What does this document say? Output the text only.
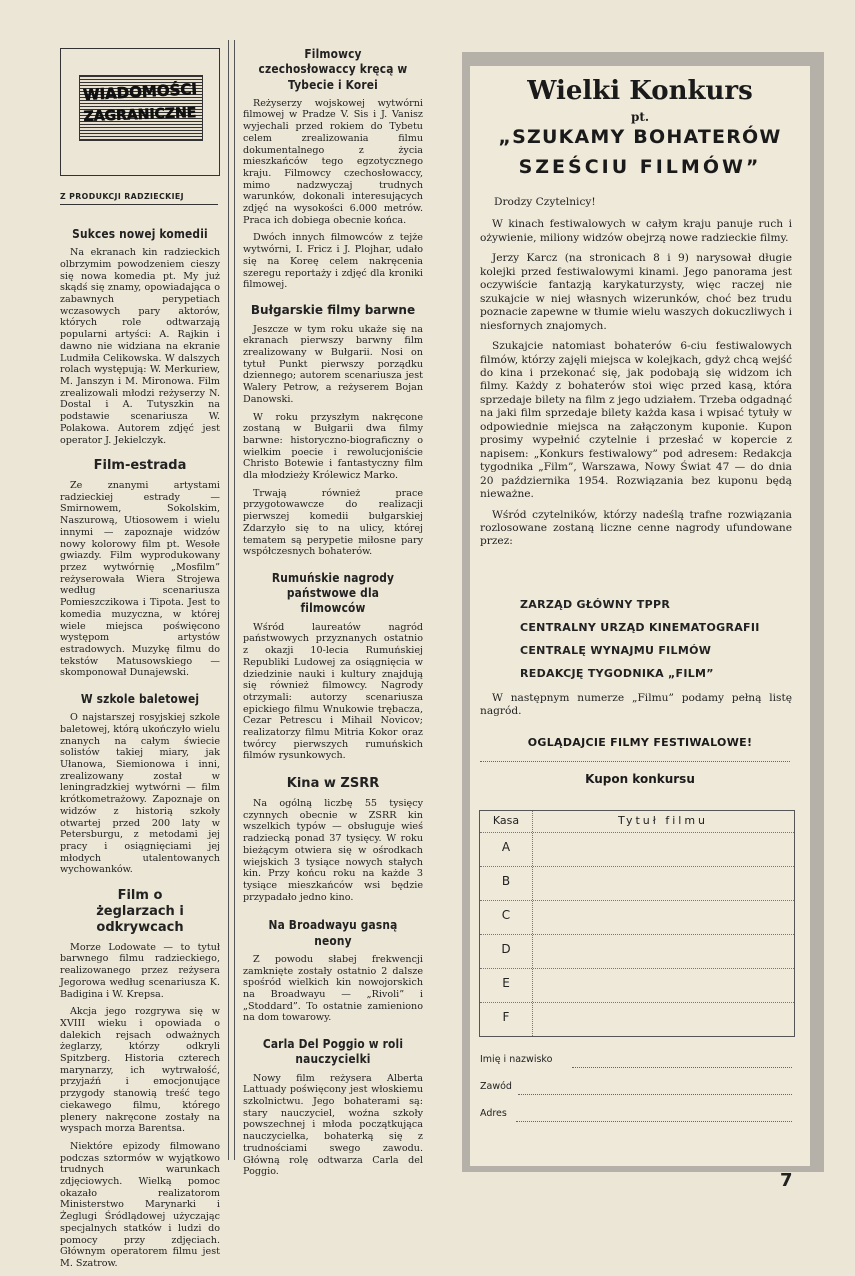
WIADOMOŚCI
ZAGRANICZNE
Z PRODUKCJI RADZIECKIEJ
Sukces nowej komedii

Na ekranach kin radzieckich olbrzymim powodzeniem cieszy się nowa komedia pt. My już skądś się znamy, opowiadająca o zabawnych perypetiach wczasowych pary aktorów, których role odtwarzają popularni artyści: A. Rajkin i dawno nie widziana na ekranie Ludmiła Celikowska. W dalszych rolach występują: W. Merkuriew, M. Janszyn i M. Mironowa. Film zrealizowali młodzi reżyserzy N. Dostal i A. Tutyszkin na podstawie scenariusza W. Polakowa. Autorem zdjęć jest operator J. Jekielczyk.

Film-estrada

Ze znanymi artystami radzieckiej estrady — Smirnowem, Sokolskim, Naszurową, Utiosowem i wielu innymi — zapoznaje widzów nowy kolorowy film pt. Wesołe gwiazdy. Film wyprodukowany przez wytwórnię „Mosfilm” reżyserowała Wiera Strojewa według scenariusza Pomieszczikowa i Tipota. Jest to komedia muzyczna, w której wiele miejsca poświęcono występom artystów estradowych. Muzykę filmu do tekstów Matusowskiego — skomponował Dunajewski.

W szkole baletowej

O najstarszej rosyjskiej szkole baletowej, którą ukończyło wielu znanych na całym świecie solistów takiej miary, jak Ułanowa, Siemionowa i inni, zrealizowany został w leningradzkiej wytwórni — film krótkometrażowy. Zapoznaje on widzów z historią szkoły otwartej przed 200 laty w Petersburgu, z metodami jej pracy i osiągnięciami jej młodych utalentowanych wychowanków.

Film o żeglarzach i odkrywcach

Morze Lodowate — to tytuł barwnego filmu radzieckiego, realizowanego przez reżysera Jegorowa według scenariusza K. Badigina i W. Krepsa.

Akcja jego rozgrywa się w XVIII wieku i opowiada o dalekich rejsach odważnych żeglarzy, którzy odkryli Spitzberg. Historia czterech marynarzy, ich wytrwałość, przyjaźń i emocjonujące przygody stanowią treść tego ciekawego filmu, którego plenery nakręcone zostały na wyspach morza Barentsa.

Niektóre epizody filmowano podczas sztormów w wyjątkowo trudnych warunkach zdjęciowych. Wielką pomoc okazało realizatorom Ministerstwo Marynarki i Żeglugi Śródlądowej użyczając specjalnych statków i ludzi do pomocy przy zdjęciach. Głównym operatorem filmu jest M. Szatrow.

Filmowcy czechosłowaccy kręcą w Tybecie i Korei

Reżyserzy wojskowej wytwórni filmowej w Pradze V. Sis i J. Vanisz wyjechali przed rokiem do Tybetu celem zrealizowania filmu dokumentalnego z życia mieszkańców tego egzotycznego kraju. Filmowcy czechosłowaccy, mimo nadzwyczaj trudnych warunków, dokonali interesujących zdjęć na wysokości 6.000 metrów. Praca ich dobiega obecnie końca.

Dwóch innych filmowców z tejże wytwórni, I. Fricz i J. Plojhar, udało się na Koreę celem nakręcenia szeregu reportaży i zdjęć dla kroniki filmowej.

Bułgarskie filmy barwne

Jeszcze w tym roku ukaże się na ekranach pierwszy barwny film zrealizowany w Bułgarii. Nosi on tytuł Punkt pierwszy porządku dziennego; autorem scenariusza jest Walery Petrow, a reżyserem Bojan Danowski.

W roku przyszłym nakręcone zostaną w Bułgarii dwa filmy barwne: historyczno-biograficzny o wielkim poecie i rewolucjoniście Christo Botewie i fantastyczny film dla młodzieży Królewicz Marko.

Trwają również prace przygotowawcze do realizacji pierwszej komedii bułgarskiej Zdarzyło się to na ulicy, której tematem są perypetie miłosne pary współczesnych bohaterów.

Rumuńskie nagrody państwowe dla filmowców

Wśród laureatów nagród państwowych przyznanych ostatnio z okazji 10-lecia Rumuńskiej Republiki Ludowej za osiągnięcia w dziedzinie nauki i kultury znajdują się również filmowcy. Nagrody otrzymali: autorzy scenariusza epickiego filmu Wnukowie trębacza, Cezar Petrescu i Mihail Novicov; realizatorzy filmu Mitria Kokor oraz twórcy pierwszych rumuńskich filmów rysunkowych.

Kina w ZSRR

Na ogólną liczbę 55 tysięcy czynnych obecnie w ZSRR kin wszelkich typów — obsługuje wieś radziecką ponad 37 tysięcy. W roku bieżącym otwiera się w ośrodkach wiejskich 3 tysiące nowych stałych kin. Przy końcu roku na każde 3 tysiące mieszkańców wsi będzie przypadało jedno kino.

Na Broadwayu gasną neony

Z powodu słabej frekwencji zamknięte zostały ostatnio 2 dalsze spośród wielkich kin nowojorskich na Broadwayu — „Rivoli” i „Stoddard”. To ostatnie zamieniono na dom towarowy.

Carla Del Poggio w roli nauczycielki

Nowy film reżysera Alberta Lattuady poświęcony jest włoskiemu szkolnictwu. Jego bohaterami są: stary nauczyciel, woźna szkoły powszechnej i młoda początkująca nauczycielka, bohaterką się z trudnościami swego zawodu. Główną rolę odtwarza Carla del Poggio.

Wielki Konkurs
pt.
„SZUKAMY BOHATERÓW
SZEŚCIU FILMÓW”

Drodzy Czytelnicy!

W kinach festiwalowych w całym kraju panuje ruch i ożywienie, miliony widzów obejrzą nowe radzieckie filmy.

Jerzy Karcz (na stronicach 8 i 9) narysował długie kolejki przed festiwalowymi kinami. Jego panorama jest oczywiście fantazją karykaturzysty, więc raczej nie szukajcie w niej własnych wizerunków, choć bez trudu poznacie zapewne w tłumie wielu waszych dokuczliwych i niesfornych znajomych.

Szukajcie natomiast bohaterów 6-ciu festiwalowych filmów, którzy zajęli miejsca w kolejkach, gdyż chcą wejść do kina i przekonać się, jak podobają się widzom ich filmy. Każdy z bohaterów stoi więc przed kasą, która sprzedaje bilety na film z jego udziałem. Trzeba odgadnąć na jaki film sprzedaje bilety każda kasa i wpisać tytuły w odpowiednie miejsca na załączonym kuponie. Kupon prosimy wypełnić czytelnie i przesłać w kopercie z napisem: „Konkurs festiwalowy” pod adresem: Redakcja tygodnika „Film”, Warszawa, Nowy Świat 47 — do dnia 20 października 1954. Rozwiązania bez kuponu będą nieważne.

Wśród czytelników, którzy nadeślą trafne rozwiązania rozlosowane zostaną liczne cenne nagrody ufundowane przez:

ZARZĄD GŁÓWNY TPPR
CENTRALNY URZĄD KINEMATOGRAFII
CENTRALĘ WYNAJMU FILMÓW
REDAKCJĘ TYGODNIKA „FILM”

W następnym numerze „Filmu” podamy pełną listę nagród.

OGLĄDAJCIE FILMY FESTIWALOWE!
Kupon konkursu
Kasa	Tytuł filmu
A
B
C
D
E
F
Imię i nazwisko
Zawód
Adres
7
